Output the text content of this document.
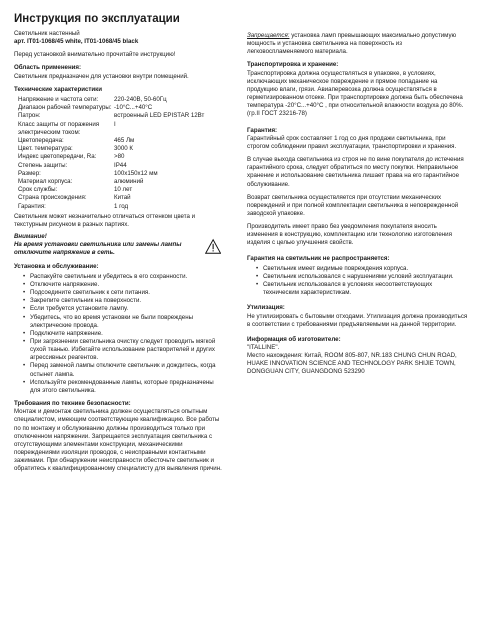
Инструкция по эксплуатации
Светильник настенный
арт. IT01-1068/45 white, IT01-1068/45 black
Перед установкой внимательно прочитайте инструкцию!
Область применения:
Светильник предназначен для установки внутри помещений.
Технические характеристики
Напряжение и частота сети:	220-240В, 50-60Гц
Диапазон рабочей температуры: -10°C...+40°C
Патрон:	встроенный LED EPISTAR 12Вт
Класс защиты от поражения электрическим током:
I
Цветопередача:	465 Лм
Цвет. температура:	3000 К
Индекс цветопередачи, Ra:	>80
Степень защиты:	IP44
Размер:	100х150х12 мм
Материал корпуса:	алюминий
Срок службы:	10 лет
Страна происхождения:	Китай
Гарантия:	1 год
Светильник может незначительно отличаться оттенком цвета и текстурным рисунком в разных партиях.
Внимание!
На время установки светильника или замены лампы отключите напряжение в сеть.
Установка и обслуживание:
• Распакуйте светильник и убедитесь в его сохранности.
• Отключите напряжение.
• Подсоедините светильник к сети питания.
• Закрепите светильник на поверхности.
• Если требуется установите лампу.
• Убедитесь, что во время установки не были повреждены электрические провода.
• Подключите напряжение.
• При загрязнении светильника очистку следует проводить мягкой сухой тканью. Избегайте использование растворителей и других агрессивных реагентов.
• Перед заменой лампы отключите светильник и дождитесь, когда остынет лампа.
• Используйте рекомендованные лампы, которые предназначены для этого светильника.
Требования по технике безопасности:
Монтаж и демонтаж светильника должен осуществляться опытным специалистом, имеющим соответствующие квалификацию. Все работы по по монтажу и обслуживанию должны производиться только при отключенном напряжении. Запрещается эксплуатация светильника с отсутствующими элементами конструкции, механическими повреждениями изоляции проводов, с неисправными контактными зажимами. При обнаружении неисправности обесточьте светильник и обратитесь к квалифицированному специалисту для выявления причин.
Запрещается: установка ламп превышающих максимально допустимую мощность и установка светильника на поверхность из легковоспламеняемого материала.
Транспортировка и хранение:
Транспортировка должна осуществляться в упаковке, в условиях, исключающих механическое повреждение и прямое попадание на продукцию влаги, грязи. Авиаперевозка должна осуществляться в герметизированном отсеке. При транспортировке должна быть обеспечена температура -20°C...+40°C , при относительной влажности воздуха до 80%. (гр.II ГОСТ 23216-78)
Гарантия:
Гарантийный срок составляет 1 год со дня продажи светильника, при строгом соблюдении правил эксплуатации, транспортировки и хранения.
В случае выхода светильника из строя не по вине покупателя до истечения гарантийного срока, следует обратиться по месту покупки. Неправильное хранение и использование светильника лишает права на его гарантийное обслуживание.
Возврат светильника осуществляется при отсутствии механических повреждений и при полной комплектации светильника в неповрежденной заводской упаковке.
Производитель имеет право без уведомления покупателя вносить изменения в конструкцию, комплектацию или технологию изготовления изделия с целью улучшения свойств.
Гарантия на светильник не распространяется:
• Светильник имеет видимые повреждения корпуса.
• Светильник использовался с нарушениями условий эксплуатации.
• Светильник использовался в условиях несоответствующих техническим характеристикам.
Утилизация:
Не утилизировать с бытовыми отходами. Утилизация должна производиться в соответствии с требованиями предъявляемыми на данной территории.
Информация об изготовителе:
"ITALLINE".
Место нахождения: Китай, ROOM 805-807, NR.183 CHUNG CHUN ROAD, HUAKE INNOVATION SCIENCE AND TECHNOLOGY PARK SHIJIE TOWN, DONGGUAN CITY, GUANGDONG 523290
